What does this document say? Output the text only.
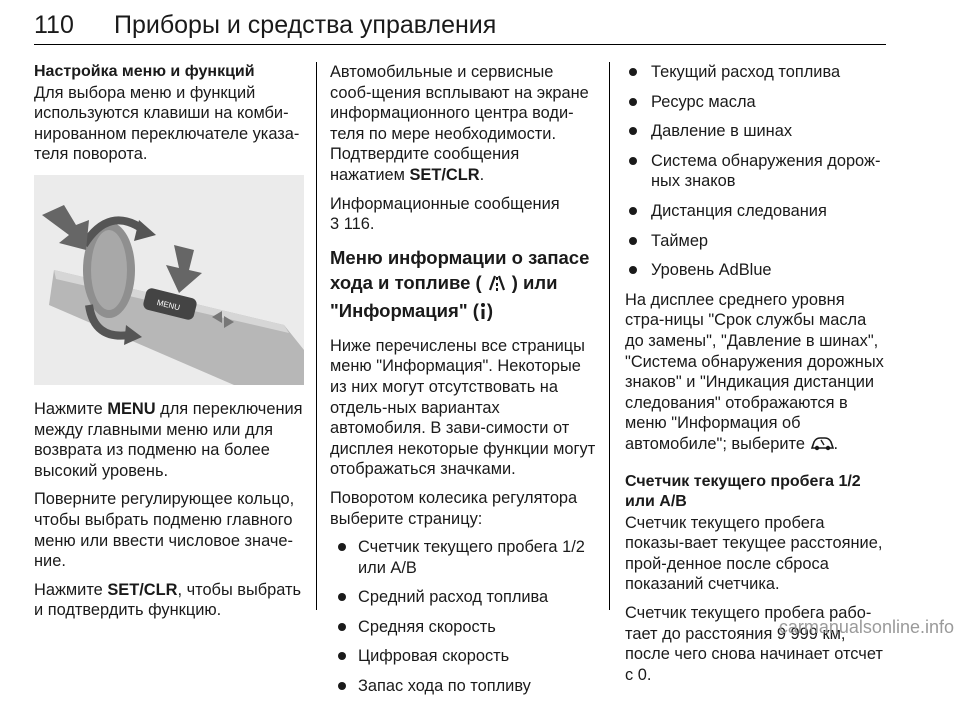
110 Приборы и средства управления
Настройка меню и функций

Для выбора меню и функций используются клавиши на комби-нированном переключателе указа-теля поворота.

MENU

Нажмите MENU для переключения между главными меню или для возврата из подменю на более высокий уровень.

Поверните регулирующее кольцо, чтобы выбрать подменю главного меню или ввести числовое значе-ние.

Нажмите SET/CLR, чтобы выбрать и подтвердить функцию.

Автомобильные и сервисные сооб-щения всплывают на экране информационного центра води-теля по мере необходимости. Подтвердите сообщения нажатием SET/CLR.

Информационные сообщения
3 116.

Меню информации о запасе
хода и топливе ( ) или
"Информация" ( )

Ниже перечислены все страницы меню "Информация". Некоторые из них могут отсутствовать на отдель-ных вариантах автомобиля. В зави-симости от дисплея некоторые функции могут отображаться значками.

Поворотом колесика регулятора выберите страницу:

Счетчик текущего пробега 1/2 или A/B
Средний расход топлива
Средняя скорость
Цифровая скорость
Запас хода по топливу
Текущий расход топлива
Ресурс масла
Давление в шинах
Система обнаружения дорож-ных знаков
Дистанция следования
Таймер
Уровень AdBlue

На дисплее среднего уровня стра-ницы "Срок службы масла до замены", "Давление в шинах", "Система обнаружения дорожных знаков" и "Индикация дистанции следования" отображаются в меню "Информация об автомобиле"; выберите .

Счетчик текущего пробега 1/2 или A/B

Счетчик текущего пробега показы-вает текущее расстояние, прой-денное после сброса показаний счетчика.

Счетчик текущего пробега рабо-тает до расстояния 9 999 км, после чего снова начинает отсчет с 0.

carmanualsonline.info
